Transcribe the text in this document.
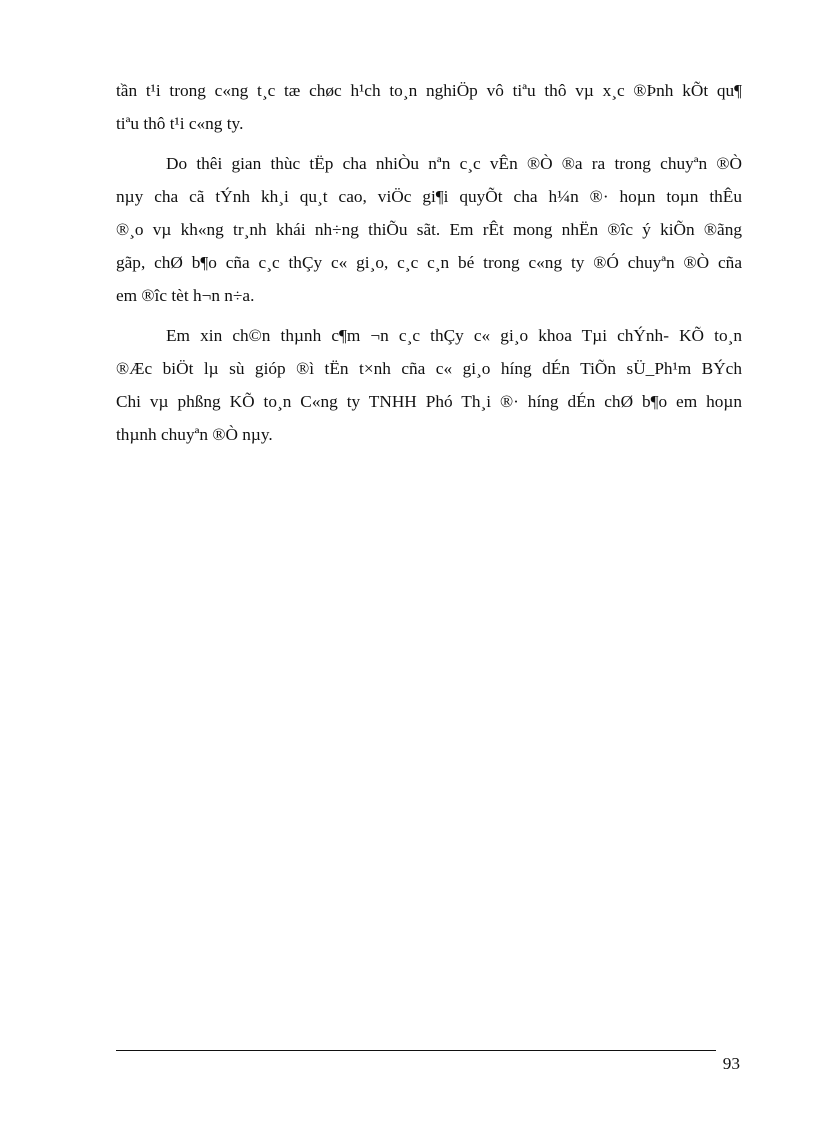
tần t¹i trong c«ng t¸c tæ chøc h¹ch to¸n nghiÖp vô tiªu thô vµ x¸c ®Þnh kÕt qu¶
tiªu thô t¹i c«ng ty.
Do thêi gian thùc tËp cha nhiÒu nªn c¸c vÊn ®Ò ®a ra trong chuyªn ®Ò
nµy cha cã tÝnh kh¸i qu¸t cao, viÖc gi¶i quyÕt cha h¼n ®· hoµn toµn thÊu
®¸o vµ kh«ng tr¸nh khái nh÷ng thiÕu sãt. Em rÊt mong nhËn ®îc ý kiÕn ®ãng
gãp, chØ b¶o cña c¸c thÇy c« gi¸o, c¸c c¸n bé trong c«ng ty ®Ó chuyªn ®Ò cña
em ®îc tèt h¬n n÷a.
Em xin ch©n thµnh c¶m ¬n c¸c thÇy c« gi¸o khoa Tµi chÝnh- KÕ to¸n
®Æc biÖt lµ sù gióp ®ì tËn t×nh cña c« gi¸o híng dÉn TiÕn sÜ_Ph¹m BÝch
Chi vµ phßng KÕ to¸n C«ng ty TNHH Phó Th¸i ®· híng dÉn chØ b¶o em hoµn
thµnh chuyªn ®Ò nµy.
93
